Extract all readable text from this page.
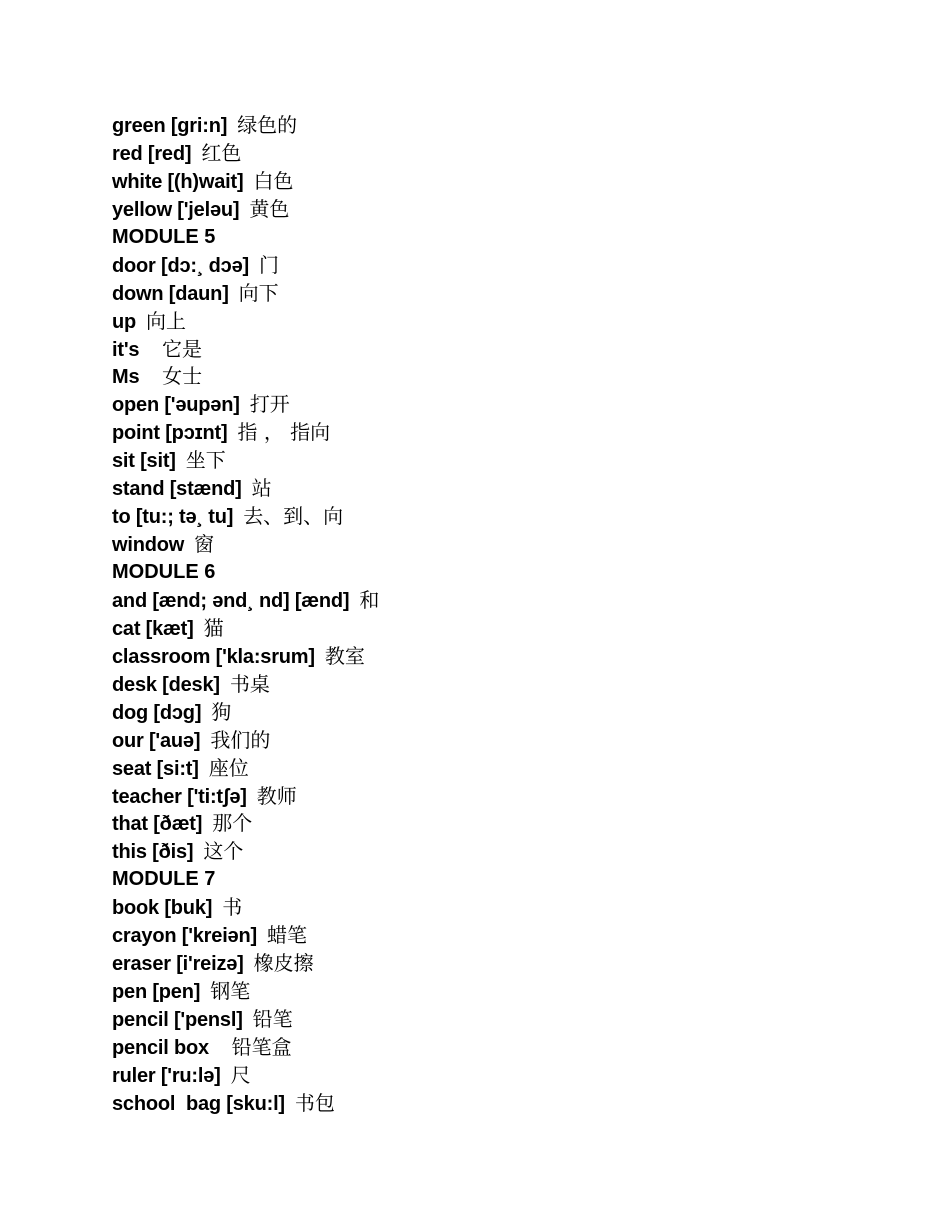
green [gri:n] 绿色的
red [red] 红色
white [(h)wait] 白色
yellow ['jeləu] 黄色
MODULE 5
door [dɔ:¸ dɔə] 门
down [daun] 向下
up 向上
it's  它是
Ms  女士
open ['əupən] 打开
point [pɔɪnt] 指 ， 指向
sit [sit] 坐下
stand [stænd] 站
to [tu:; tə¸ tu] 去、到、向
window 窗
MODULE 6
and [ænd; ənd¸ nd] [ænd] 和
cat [kæt] 猫
classroom ['kla:srum] 教室
desk [desk] 书桌
dog [dɔg] 狗
our ['auə] 我们的
seat [si:t] 座位
teacher ['ti:tʃə] 教师
that [ðæt] 那个
this [ðis] 这个
MODULE 7
book [buk] 书
crayon ['kreiən] 蜡笔
eraser [i'reizə] 橡皮擦
pen [pen] 钢笔
pencil ['pensl] 铅笔
pencil box  铅笔盒
ruler ['ru:lə] 尺
school  bag [sku:l] 书包
